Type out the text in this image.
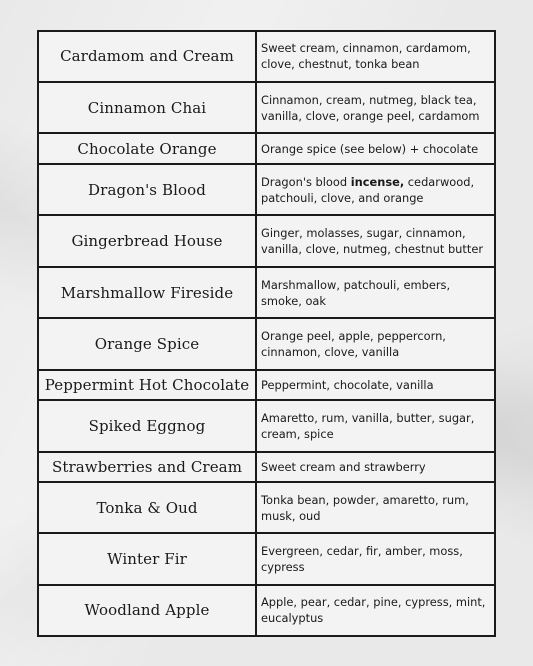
Cardamom and Cream	Sweet cream, cinnamon, cardamom, clove, chestnut, tonka bean
Cinnamon Chai	Cinnamon, cream, nutmeg, black tea, vanilla, clove, orange peel, cardamom
Chocolate Orange	Orange spice (see below) + chocolate
Dragon's Blood	Dragon's blood incense, cedarwood, patchouli, clove, and orange
Gingerbread House	Ginger, molasses, sugar, cinnamon, vanilla, clove, nutmeg, chestnut butter
Marshmallow Fireside	Marshmallow, patchouli, embers, smoke, oak
Orange Spice	Orange peel, apple, peppercorn, cinnamon, clove, vanilla
Peppermint Hot Chocolate	Peppermint, chocolate, vanilla
Spiked Eggnog	Amaretto, rum, vanilla, butter, sugar, cream, spice
Strawberries and Cream	Sweet cream and strawberry
Tonka & Oud	Tonka bean, powder, amaretto, rum, musk, oud
Winter Fir	Evergreen, cedar, fir, amber, moss, cypress
Woodland Apple	Apple, pear, cedar, pine, cypress, mint, eucalyptus
